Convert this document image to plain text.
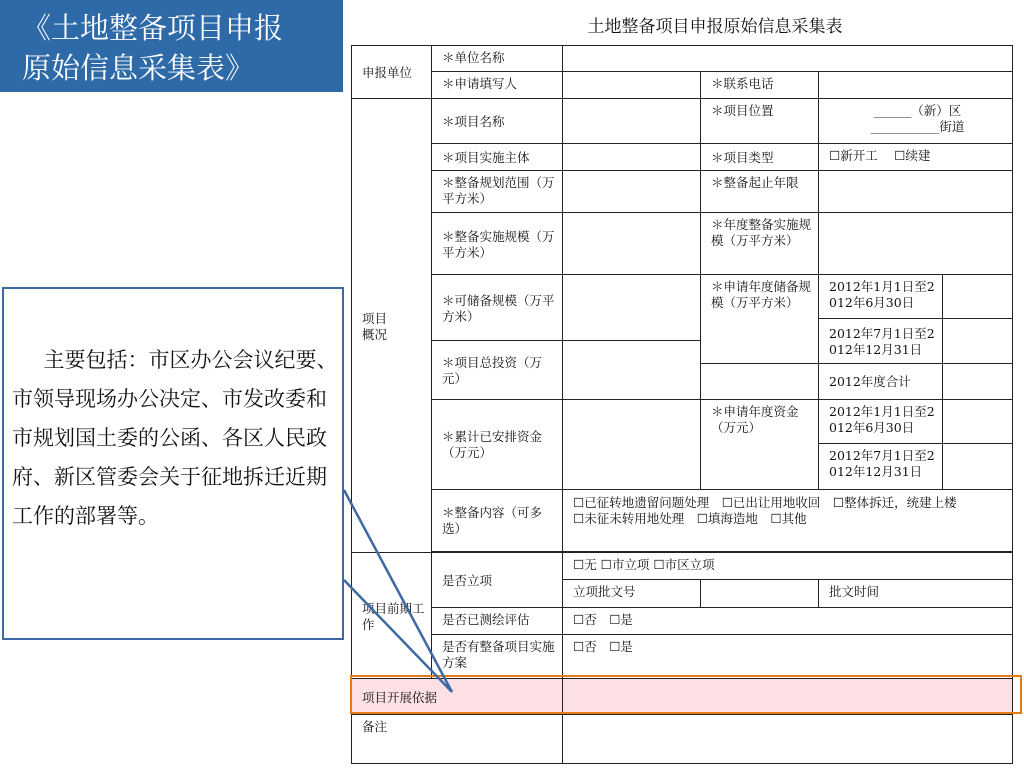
《土地整备项目申报
原始信息采集表》
土地整备项目申报原始信息采集表
主要包括：市区办公会议纪要、市领导现场办公决定、市发改委和市规划国土委的公函、各区人民政府、新区管委会关于征地拆迁近期工作的部署等。
申报单位	＊单位名称				
	＊申请填写人		＊联系电话		
项目
概况	＊项目名称		＊项目位置	______（新）区
___________街道	
	＊项目实施主体		＊项目类型	☐新开工　 ☐续建	
	＊整备规划范围（万平方米）		＊整备起止年限		
	＊整备实施规模（万平方米）		＊年度整备实施规模（万平方米）		
	＊可储备规模（万平方米）		＊申请年度储备规模（万平方米）	2012年1月1日至2012年6月30日	
				2012年7月1日至2012年12月31日	
	＊项目总投资（万元）				
				2012年度合计	
	＊累计已安排资金（万元）		＊申请年度资金（万元）	2012年1月1日至2012年6月30日	
				2012年7月1日至2012年12月31日	
	＊整备内容（可多选）	☐已征转地遗留问题处理　☐已出让用地收回　☐整体拆迁，统建上楼
☐未征未转用地处理　☐填海造地　☐其他			

项目前期工作	是否立项	☐无 ☐市立项 ☐市区立项			
		立项批文号		批文时间	
	是否已测绘评估	☐否　☐是			
	是否有整备项目实施方案	☐否　☐是			
项目开展依据					
备注					
